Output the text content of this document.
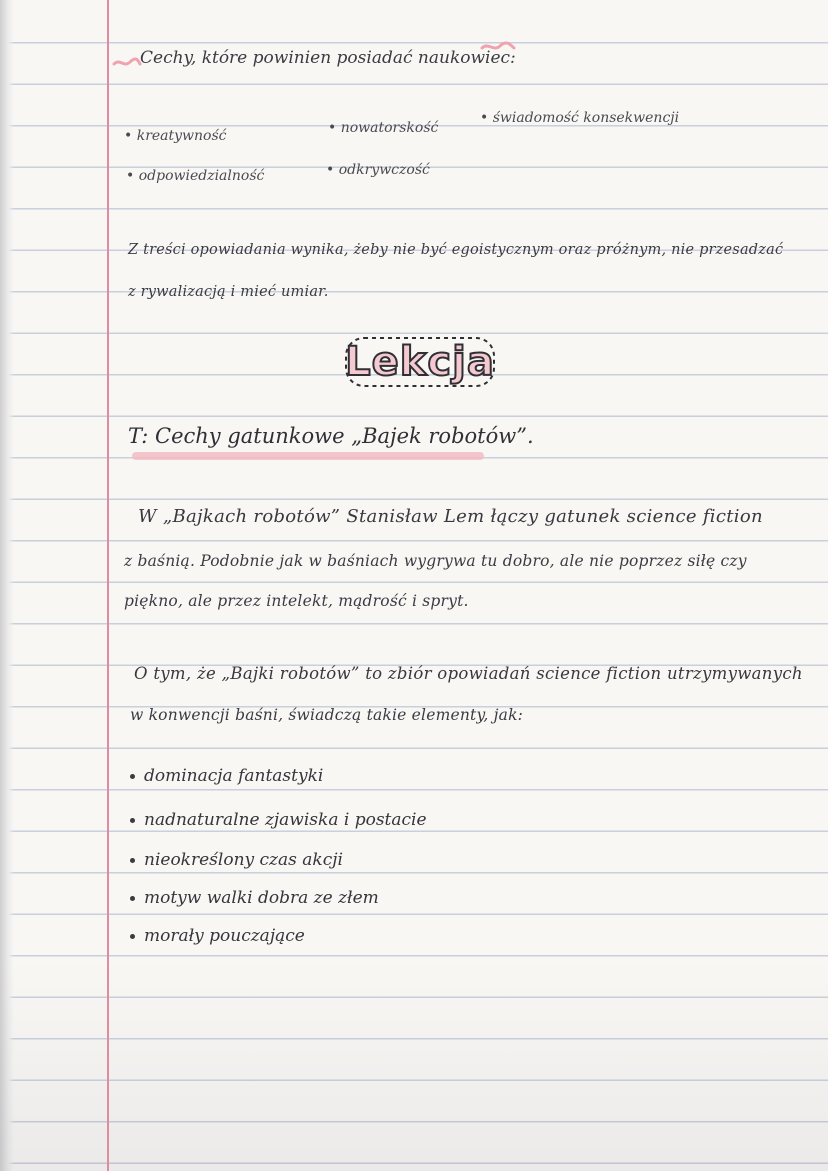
Cechy, które powinien posiadać naukowiec:
• kreatywność	• nowatorskość
• świadomość konsekwencji
• odpowiedzialność	• odkrywczość
Z treści opowiadania wynika, żeby nie być egoistycznym oraz próżnym, nie przesadzać
z rywalizacją i mieć umiar.
Lekcja
T: Cechy gatunkowe „Bajek robotów”.
W „Bajkach robotów” Stanisław Lem łączy gatunek science fiction
z baśnią. Podobnie jak w baśniach wygrywa tu dobro, ale nie poprzez siłę czy
piękno, ale przez intelekt, mądrość i spryt.
O tym, że „Bajki robotów” to zbiór opowiadań science fiction utrzymywanych
w konwencji baśni, świadczą takie elementy, jak:
dominacja fantastyki
nadnaturalne zjawiska i postacie
nieokreślony czas akcji
motyw walki dobra ze złem
morały pouczające
